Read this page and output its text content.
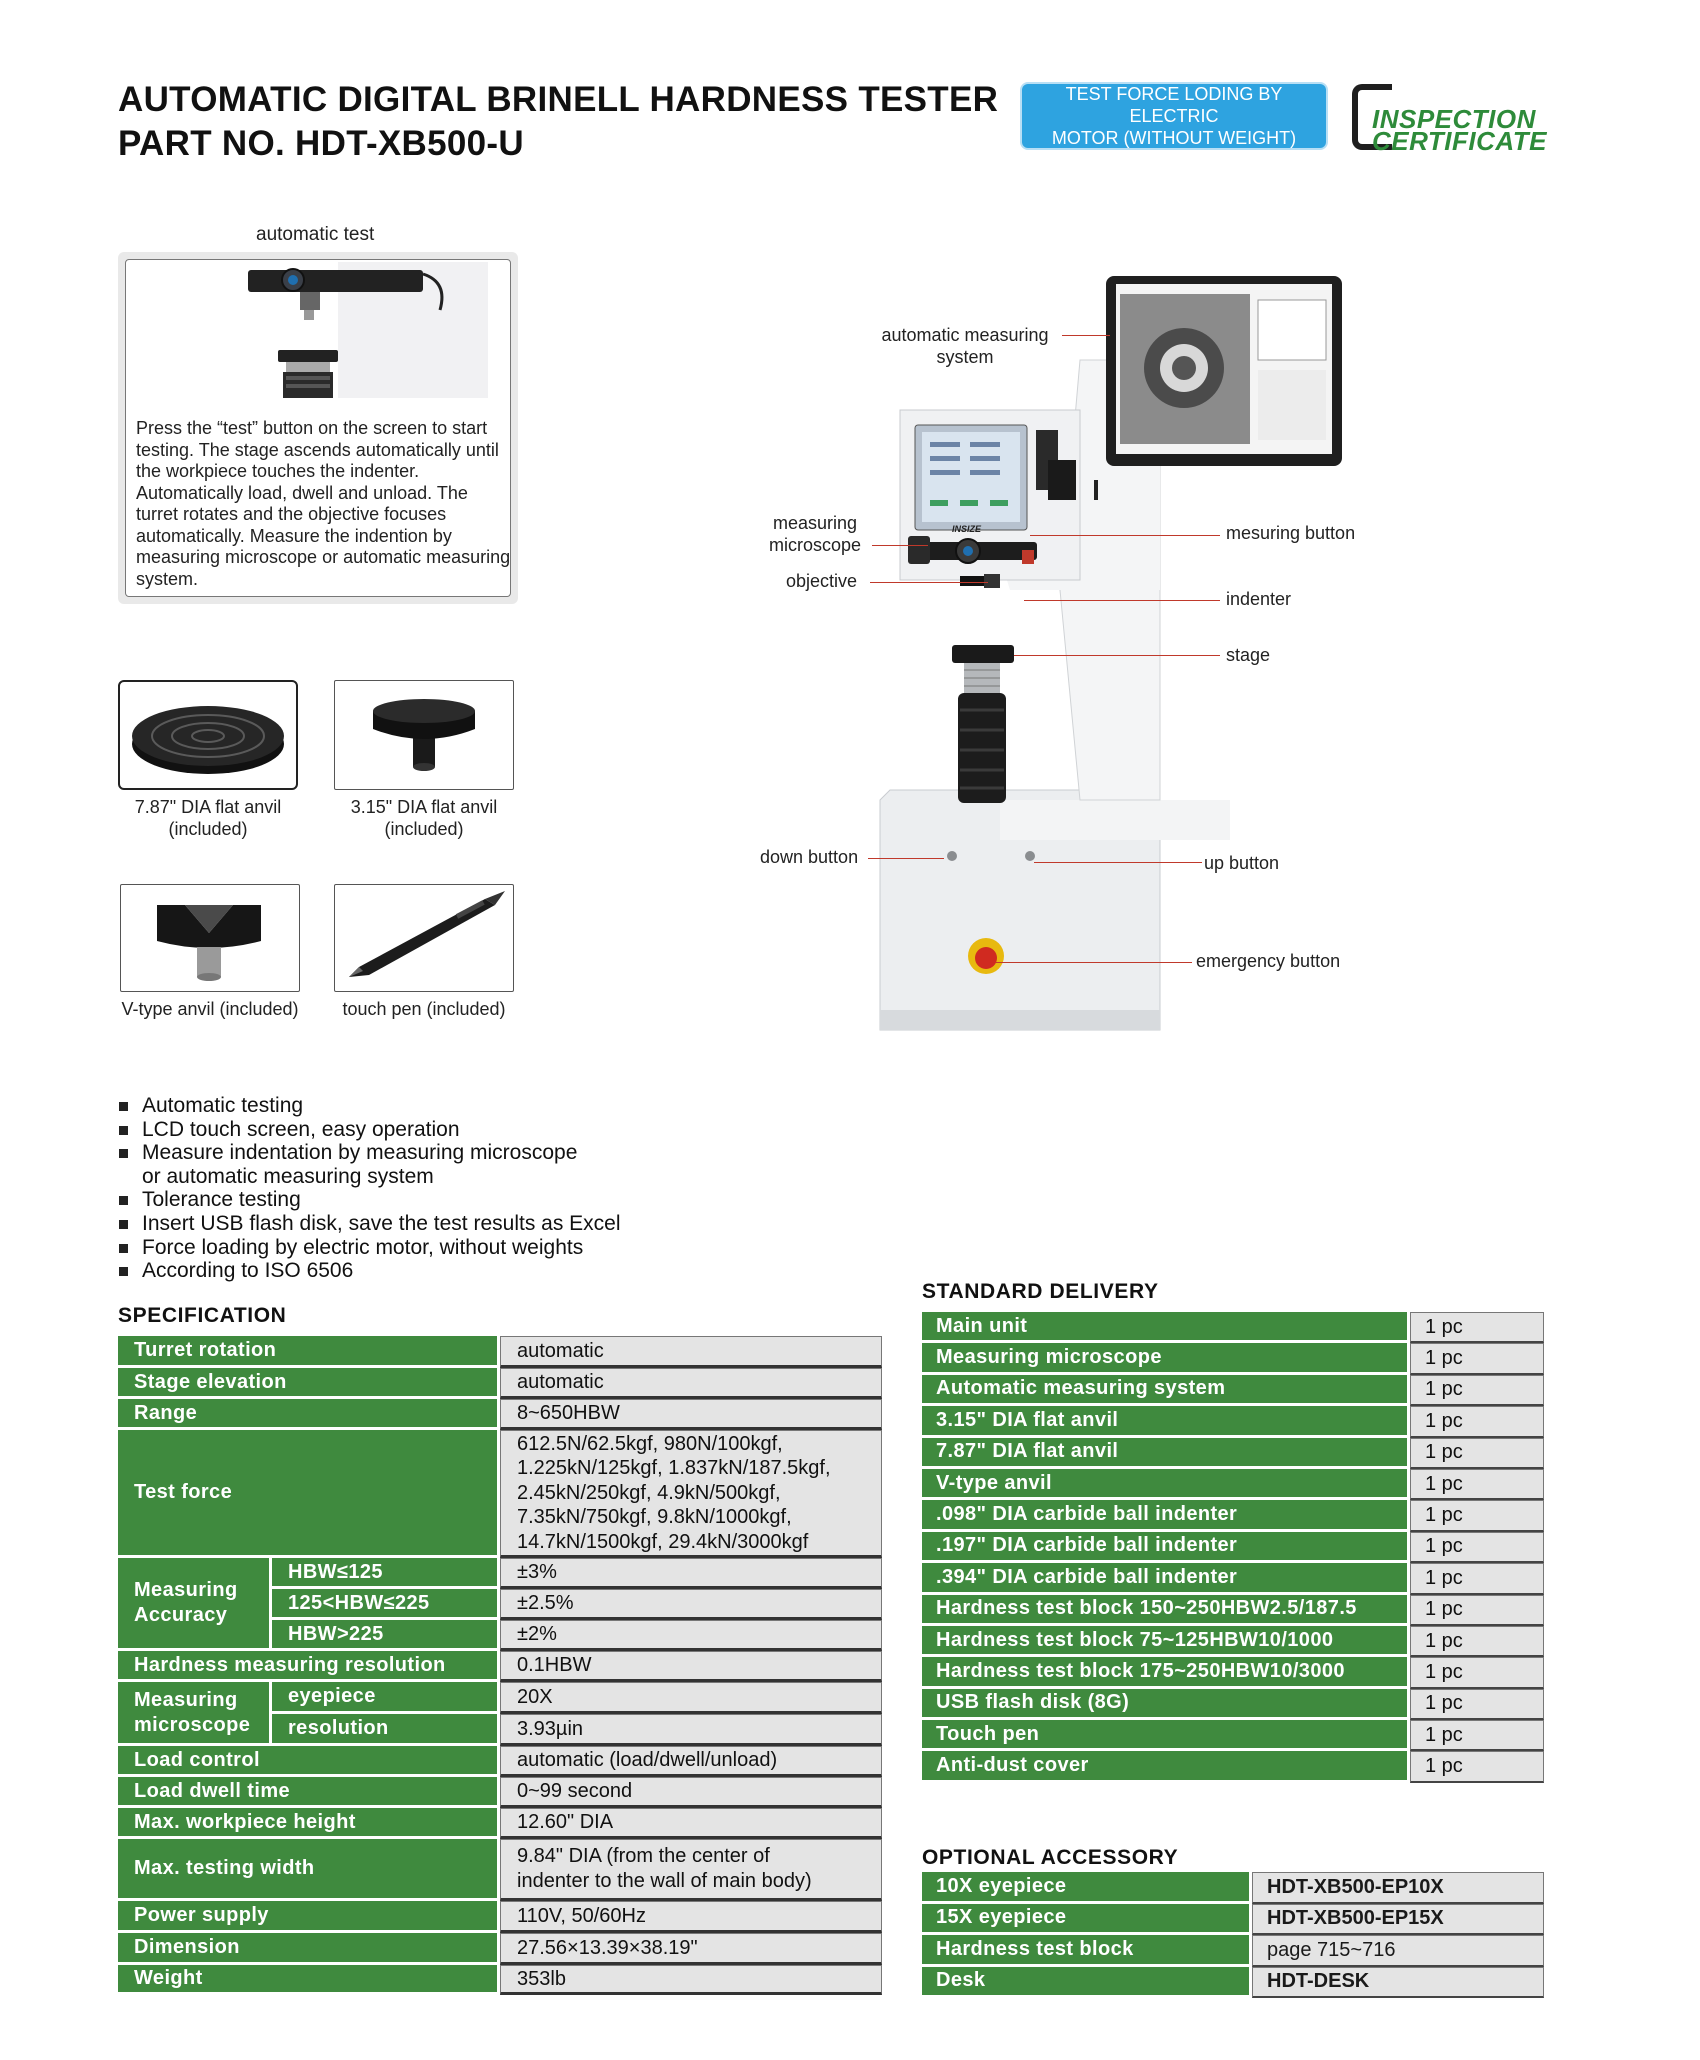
AUTOMATIC DIGITAL BRINELL HARDNESS TESTER
PART NO. HDT-XB500-U
TEST FORCE LODING BY ELECTRIC
MOTOR (WITHOUT WEIGHT)
INSPECTION
CERTIFICATE
automatic test
Press the “test” button on the screen to start testing. The stage ascends automatically until the workpiece touches the indenter. Automatically load, dwell and unload. The turret rotates and the objective focuses automatically. Measure the indention by measuring microscope or automatic measuring system.
7.87" DIA flat anvil
(included)
3.15" DIA flat anvil
(included)
V-type anvil (included)	touch pen (included)
INSIZE
automatic measuring
system
measuring
microscope
objective
mesuring button
indenter
stage
down button	up button
emergency button
Automatic testing
LCD touch screen, easy operation
Measure indentation by measuring microscope
or automatic measuring system
Tolerance testing
Insert USB flash disk, save the test results as Excel
Force loading by electric motor, without weights
According to ISO 6506
SPECIFICATION
Turret rotation		automatic
Stage elevation		automatic
Range		8~650HBW
Test force		612.5N/62.5kgf, 980N/100kgf,
1.225kN/125kgf, 1.837kN/187.5kgf,
2.45kN/250kgf, 4.9kN/500kgf,
7.35kN/750kgf, 9.8kN/1000kgf,
14.7kN/1500kgf, 29.4kN/3000kgf

Measuring
Accuracy	HBW≤125	±3%
	125<HBW≤225	±2.5%
	HBW>225	±2%
Hardness measuring resolution		0.1HBW

Measuring
microscope	eyepiece	20X
	resolution	3.93µin
Load control		automatic (load/dwell/unload)
Load dwell time		0~99 second
Max. workpiece height		12.60" DIA
Max. testing width		9.84" DIA (from the center of
indenter to the wall of main body)

Power supply		110V, 50/60Hz
Dimension		27.56×13.39×38.19"
Weight		353lb
STANDARD DELIVERY
Main unit	1 pc
Measuring microscope	1 pc
Automatic measuring system	1 pc
3.15" DIA flat anvil	1 pc
7.87" DIA flat anvil	1 pc
V-type anvil	1 pc
.098" DIA carbide ball indenter	1 pc
.197" DIA carbide ball indenter	1 pc
.394" DIA carbide ball indenter	1 pc
Hardness test block 150~250HBW2.5/187.5	1 pc
Hardness test block 75~125HBW10/1000	1 pc
Hardness test block 175~250HBW10/3000	1 pc
USB flash disk (8G)	1 pc
Touch pen	1 pc
Anti-dust cover	1 pc
OPTIONAL ACCESSORY
10X eyepiece	HDT-XB500-EP10X
15X eyepiece	HDT-XB500-EP15X
Hardness test block	page 715~716
Desk	HDT-DESK
